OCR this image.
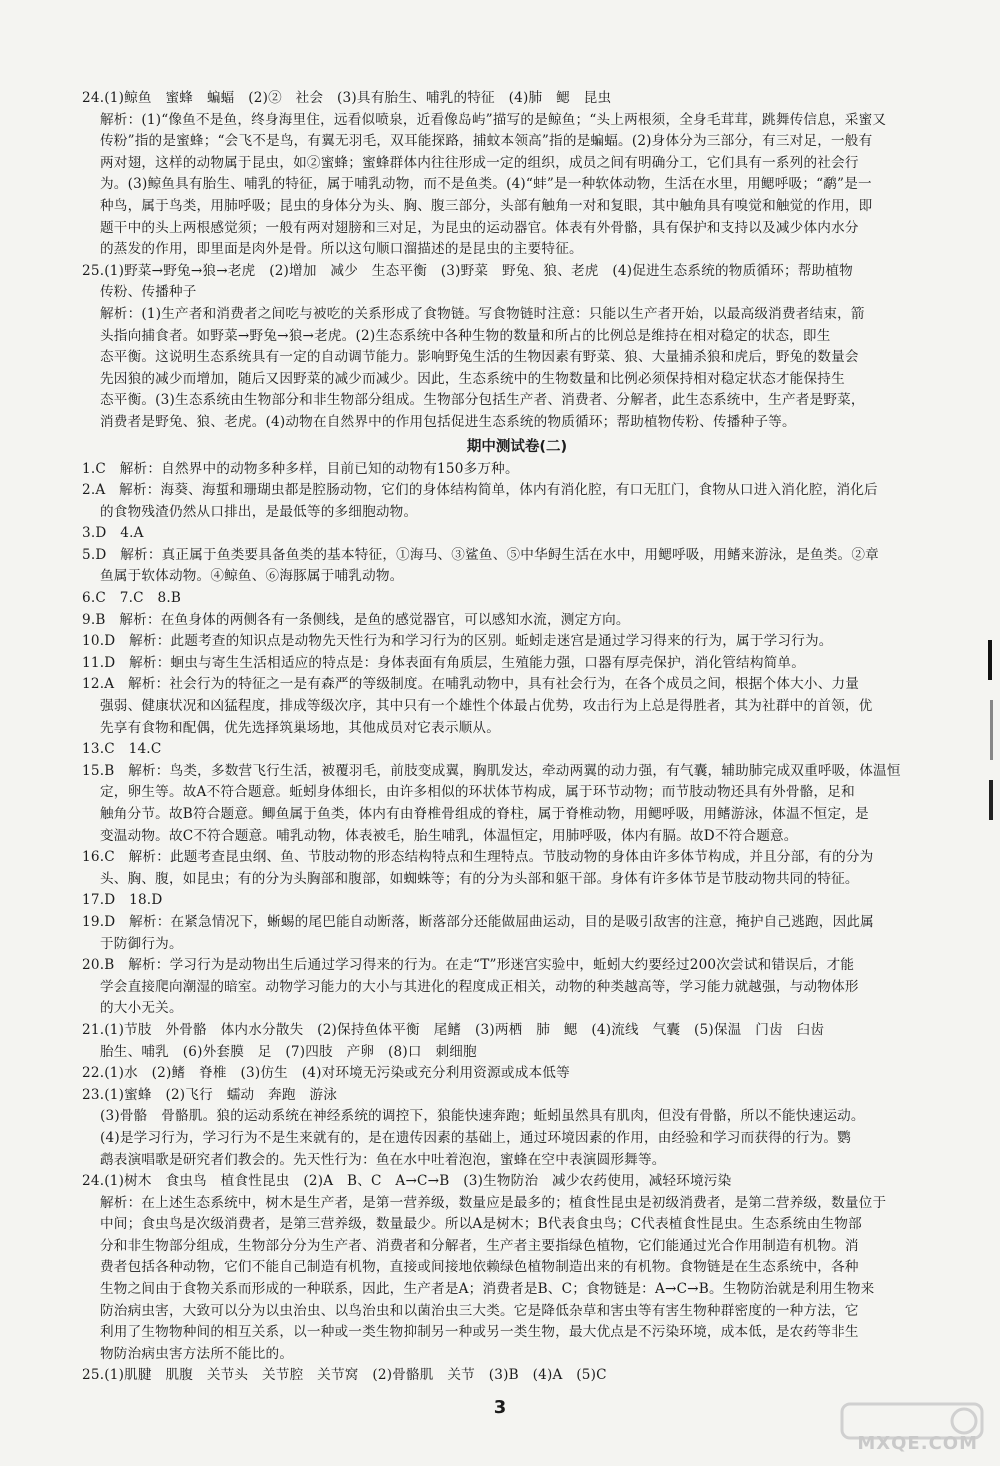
24.(1)鲸鱼　蜜蜂　蝙蝠　(2)②　社会　(3)具有胎生、哺乳的特征　(4)肺　鳃　昆虫
解析：(1)“像鱼不是鱼，终身海里住，远看似喷泉，近看像岛屿”描写的是鲸鱼；“头上两根须，全身毛茸茸，跳舞传信息，采蜜又
传粉”指的是蜜蜂；“会飞不是鸟，有翼无羽毛，双耳能探路，捕蚊本领高”指的是蝙蝠。(2)身体分为三部分，有三对足，一般有
两对翅，这样的动物属于昆虫，如②蜜蜂；蜜蜂群体内往往形成一定的组织，成员之间有明确分工，它们具有一系列的社会行
为。(3)鲸鱼具有胎生、哺乳的特征，属于哺乳动物，而不是鱼类。(4)“蚌”是一种软体动物，生活在水里，用鳃呼吸；“鹬”是一
种鸟，属于鸟类，用肺呼吸；昆虫的身体分为头、胸、腹三部分，头部有触角一对和复眼，其中触角具有嗅觉和触觉的作用，即
题干中的头上两根感觉须；一般有两对翅膀和三对足，为昆虫的运动器官。体表有外骨骼，具有保护和支持以及减少体内水分
的蒸发的作用，即里面是肉外是骨。所以这句顺口溜描述的是昆虫的主要特征。
25.(1)野菜→野兔→狼→老虎　(2)增加　减少　生态平衡　(3)野菜　野兔、狼、老虎　(4)促进生态系统的物质循环；帮助植物
传粉、传播种子
解析：(1)生产者和消费者之间吃与被吃的关系形成了食物链。写食物链时注意：只能以生产者开始，以最高级消费者结束，箭
头指向捕食者。如野菜→野兔→狼→老虎。(2)生态系统中各种生物的数量和所占的比例总是维持在相对稳定的状态，即生
态平衡。这说明生态系统具有一定的自动调节能力。影响野兔生活的生物因素有野菜、狼、大量捕杀狼和虎后，野兔的数量会
先因狼的减少而增加，随后又因野菜的减少而减少。因此，生态系统中的生物数量和比例必须保持相对稳定状态才能保持生
态平衡。(3)生态系统由生物部分和非生物部分组成。生物部分包括生产者、消费者、分解者，此生态系统中，生产者是野菜，
消费者是野兔、狼、老虎。(4)动物在自然界中的作用包括促进生态系统的物质循环；帮助植物传粉、传播种子等。
期中测试卷(二)
1.C　解析：自然界中的动物多种多样，目前已知的动物有150多万种。
2.A　解析：海葵、海蜇和珊瑚虫都是腔肠动物，它们的身体结构简单，体内有消化腔，有口无肛门，食物从口进入消化腔，消化后
的食物残渣仍然从口排出，是最低等的多细胞动物。
3.D　4.A
5.D　解析：真正属于鱼类要具备鱼类的基本特征，①海马、③鲨鱼、⑤中华鲟生活在水中，用鳃呼吸，用鳍来游泳，是鱼类。②章
鱼属于软体动物。④鲸鱼、⑥海豚属于哺乳动物。
6.C　7.C　8.B
9.B　解析：在鱼身体的两侧各有一条侧线，是鱼的感觉器官，可以感知水流，测定方向。
10.D　解析：此题考查的知识点是动物先天性行为和学习行为的区别。蚯蚓走迷宫是通过学习得来的行为，属于学习行为。
11.D　解析：蛔虫与寄生生活相适应的特点是：身体表面有角质层，生殖能力强，口器有厚壳保护，消化管结构简单。
12.A　解析：社会行为的特征之一是有森严的等级制度。在哺乳动物中，具有社会行为，在各个成员之间，根据个体大小、力量
强弱、健康状况和凶猛程度，排成等级次序，其中只有一个雄性个体最占优势，攻击行为上总是得胜者，其为社群中的首领，优
先享有食物和配偶，优先选择筑巢场地，其他成员对它表示顺从。
13.C　14.C
15.B　解析：鸟类，多数营飞行生活，被覆羽毛，前肢变成翼，胸肌发达，牵动两翼的动力强，有气囊，辅助肺完成双重呼吸，体温恒
定，卵生等。故A不符合题意。蚯蚓身体细长，由许多相似的环状体节构成，属于环节动物；而节肢动物还具有外骨骼，足和
触角分节。故B符合题意。鲫鱼属于鱼类，体内有由脊椎骨组成的脊柱，属于脊椎动物，用鳃呼吸，用鳍游泳，体温不恒定，是
变温动物。故C不符合题意。哺乳动物，体表被毛，胎生哺乳，体温恒定，用肺呼吸，体内有膈。故D不符合题意。
16.C　解析：此题考查昆虫纲、鱼、节肢动物的形态结构特点和生理特点。节肢动物的身体由许多体节构成，并且分部，有的分为
头、胸、腹，如昆虫；有的分为头胸部和腹部，如蜘蛛等；有的分为头部和躯干部。身体有许多体节是节肢动物共同的特征。
17.D　18.D
19.D　解析：在紧急情况下，蜥蜴的尾巴能自动断落，断落部分还能做屈曲运动，目的是吸引敌害的注意，掩护自己逃跑，因此属
于防御行为。
20.B　解析：学习行为是动物出生后通过学习得来的行为。在走“T”形迷宫实验中，蚯蚓大约要经过200次尝试和错误后，才能
学会直接爬向潮湿的暗室。动物学习能力的大小与其进化的程度成正相关，动物的种类越高等，学习能力就越强，与动物体形
的大小无关。
21.(1)节肢　外骨骼　体内水分散失　(2)保持鱼体平衡　尾鳍　(3)两栖　肺　鳃　(4)流线　气囊　(5)保温　门齿　臼齿
胎生、哺乳　(6)外套膜　足　(7)四肢　产卵　(8)口　刺细胞
22.(1)水　(2)鳍　脊椎　(3)仿生　(4)对环境无污染或充分利用资源或成本低等
23.(1)蜜蜂　(2)飞行　蠕动　奔跑　游泳
(3)骨骼　骨骼肌。狼的运动系统在神经系统的调控下，狼能快速奔跑；蚯蚓虽然具有肌肉，但没有骨骼，所以不能快速运动。
(4)是学习行为，学习行为不是生来就有的，是在遗传因素的基础上，通过环境因素的作用，由经验和学习而获得的行为。鹦
鹉表演唱歌是研究者们教会的。先天性行为：鱼在水中吐着泡泡，蜜蜂在空中表演圆形舞等。
24.(1)树木　食虫鸟　植食性昆虫　(2)A　B、C　A→C→B　(3)生物防治　减少农药使用，减轻环境污染
解析：在上述生态系统中，树木是生产者，是第一营养级，数量应是最多的；植食性昆虫是初级消费者，是第二营养级，数量位于
中间；食虫鸟是次级消费者，是第三营养级，数量最少。所以A是树木；B代表食虫鸟；C代表植食性昆虫。生态系统由生物部
分和非生物部分组成，生物部分分为生产者、消费者和分解者，生产者主要指绿色植物，它们能通过光合作用制造有机物。消
费者包括各种动物，它们不能自己制造有机物，直接或间接地依赖绿色植物制造出来的有机物。食物链是在生态系统中，各种
生物之间由于食物关系而形成的一种联系，因此，生产者是A；消费者是B、C；食物链是：A→C→B。生物防治就是利用生物来
防治病虫害，大致可以分为以虫治虫、以鸟治虫和以菌治虫三大类。它是降低杂草和害虫等有害生物种群密度的一种方法，它
利用了生物物种间的相互关系，以一种或一类生物抑制另一种或另一类生物，最大优点是不污染环境，成本低，是农药等非生
物防治病虫害方法所不能比的。
25.(1)肌腱　肌腹　关节头　关节腔　关节窝　(2)骨骼肌　关节　(3)B　(4)A　(5)C
3
MXQE.COM
